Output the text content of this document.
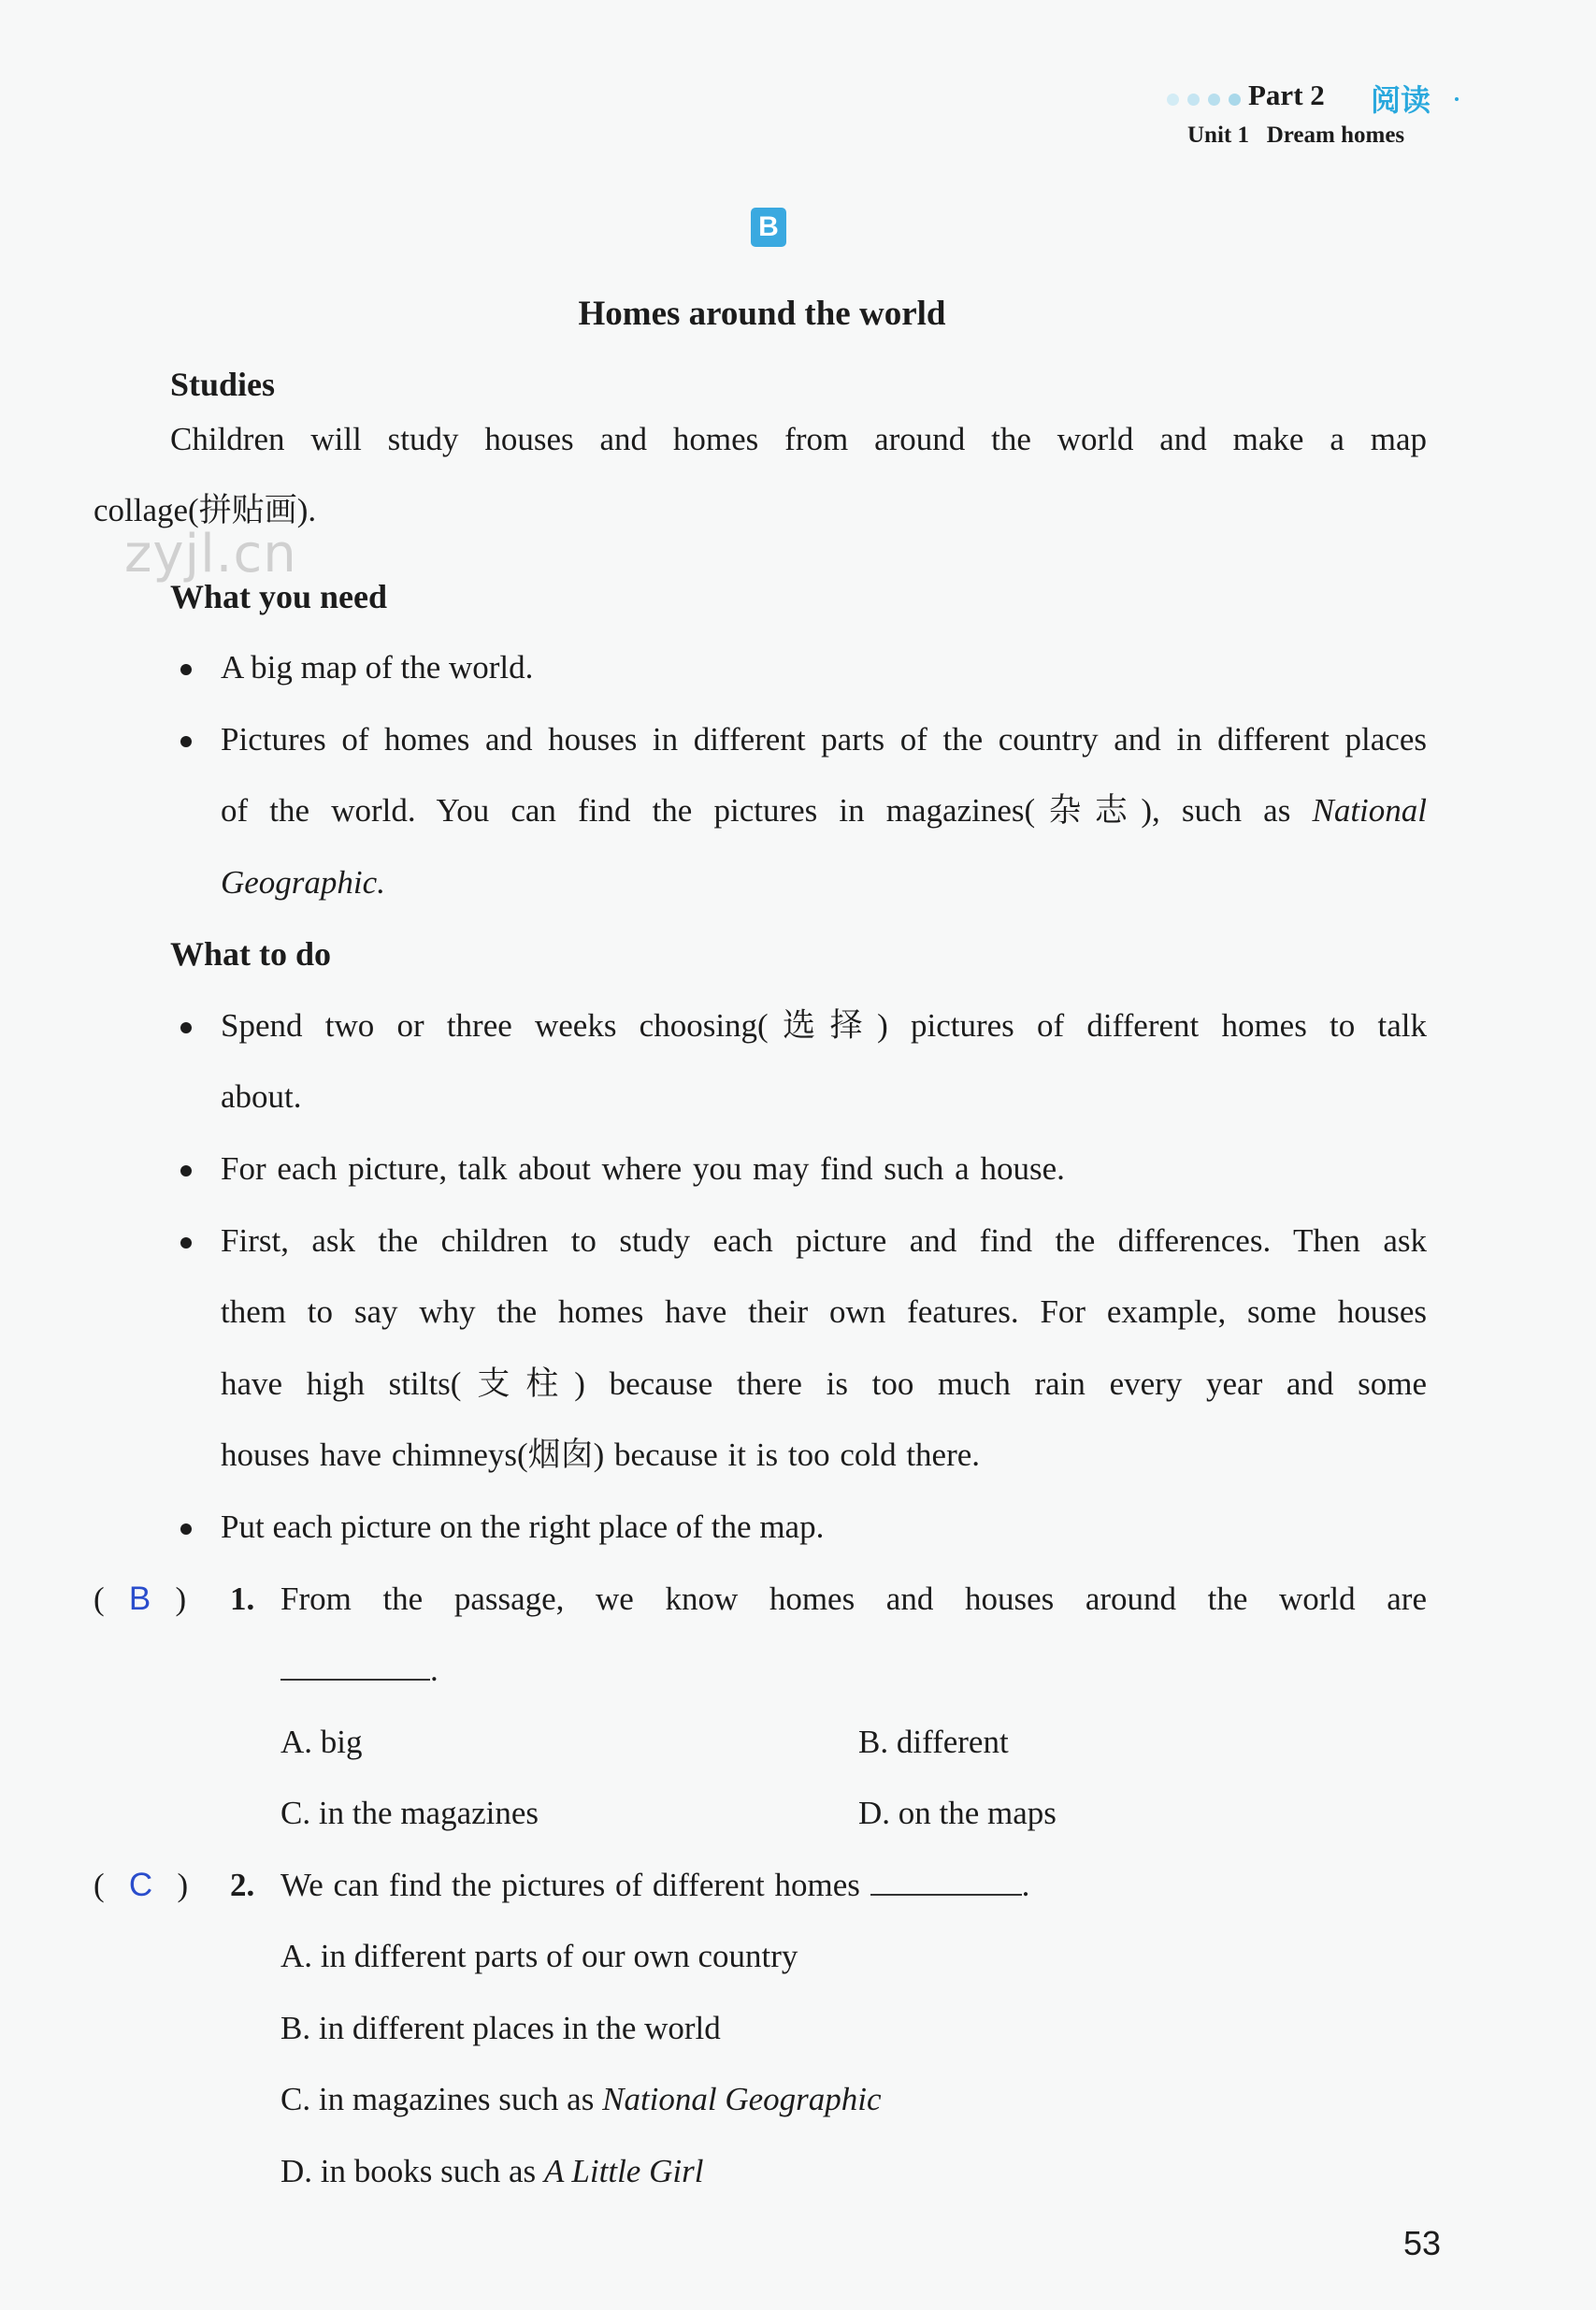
Part 2 阅读
Unit 1 Dream homes
B
Homes around the world
Studies
Children will study houses and homes from around the world and make a map
collage(拼贴画).
zyjl.cn
What you need
A big map of the world.
Pictures of homes and houses in different parts of the country and in different places
of the world. You can find the pictures in magazines(杂志), such as National
Geographic.
What to do
Spend two or three weeks choosing(选择) pictures of different homes to talk
about.
For each picture, talk about where you may find such a house.
First, ask the children to study each picture and find the differences. Then ask
them to say why the homes have their own features. For example, some houses
have high stilts(支柱) because there is too much rain every year and some
houses have chimneys(烟囱) because it is too cold there.
Put each picture on the right place of the map.
(   B   ) 1. From the passage, we know homes and houses around the world are
.
A. big	B. different
C. in the magazines	D. on the maps
(   C   ) 2. We can find the pictures of different homes	.
A. in different parts of our own country
B. in different places in the world
C. in magazines such as National Geographic
D. in books such as A Little Girl
53
